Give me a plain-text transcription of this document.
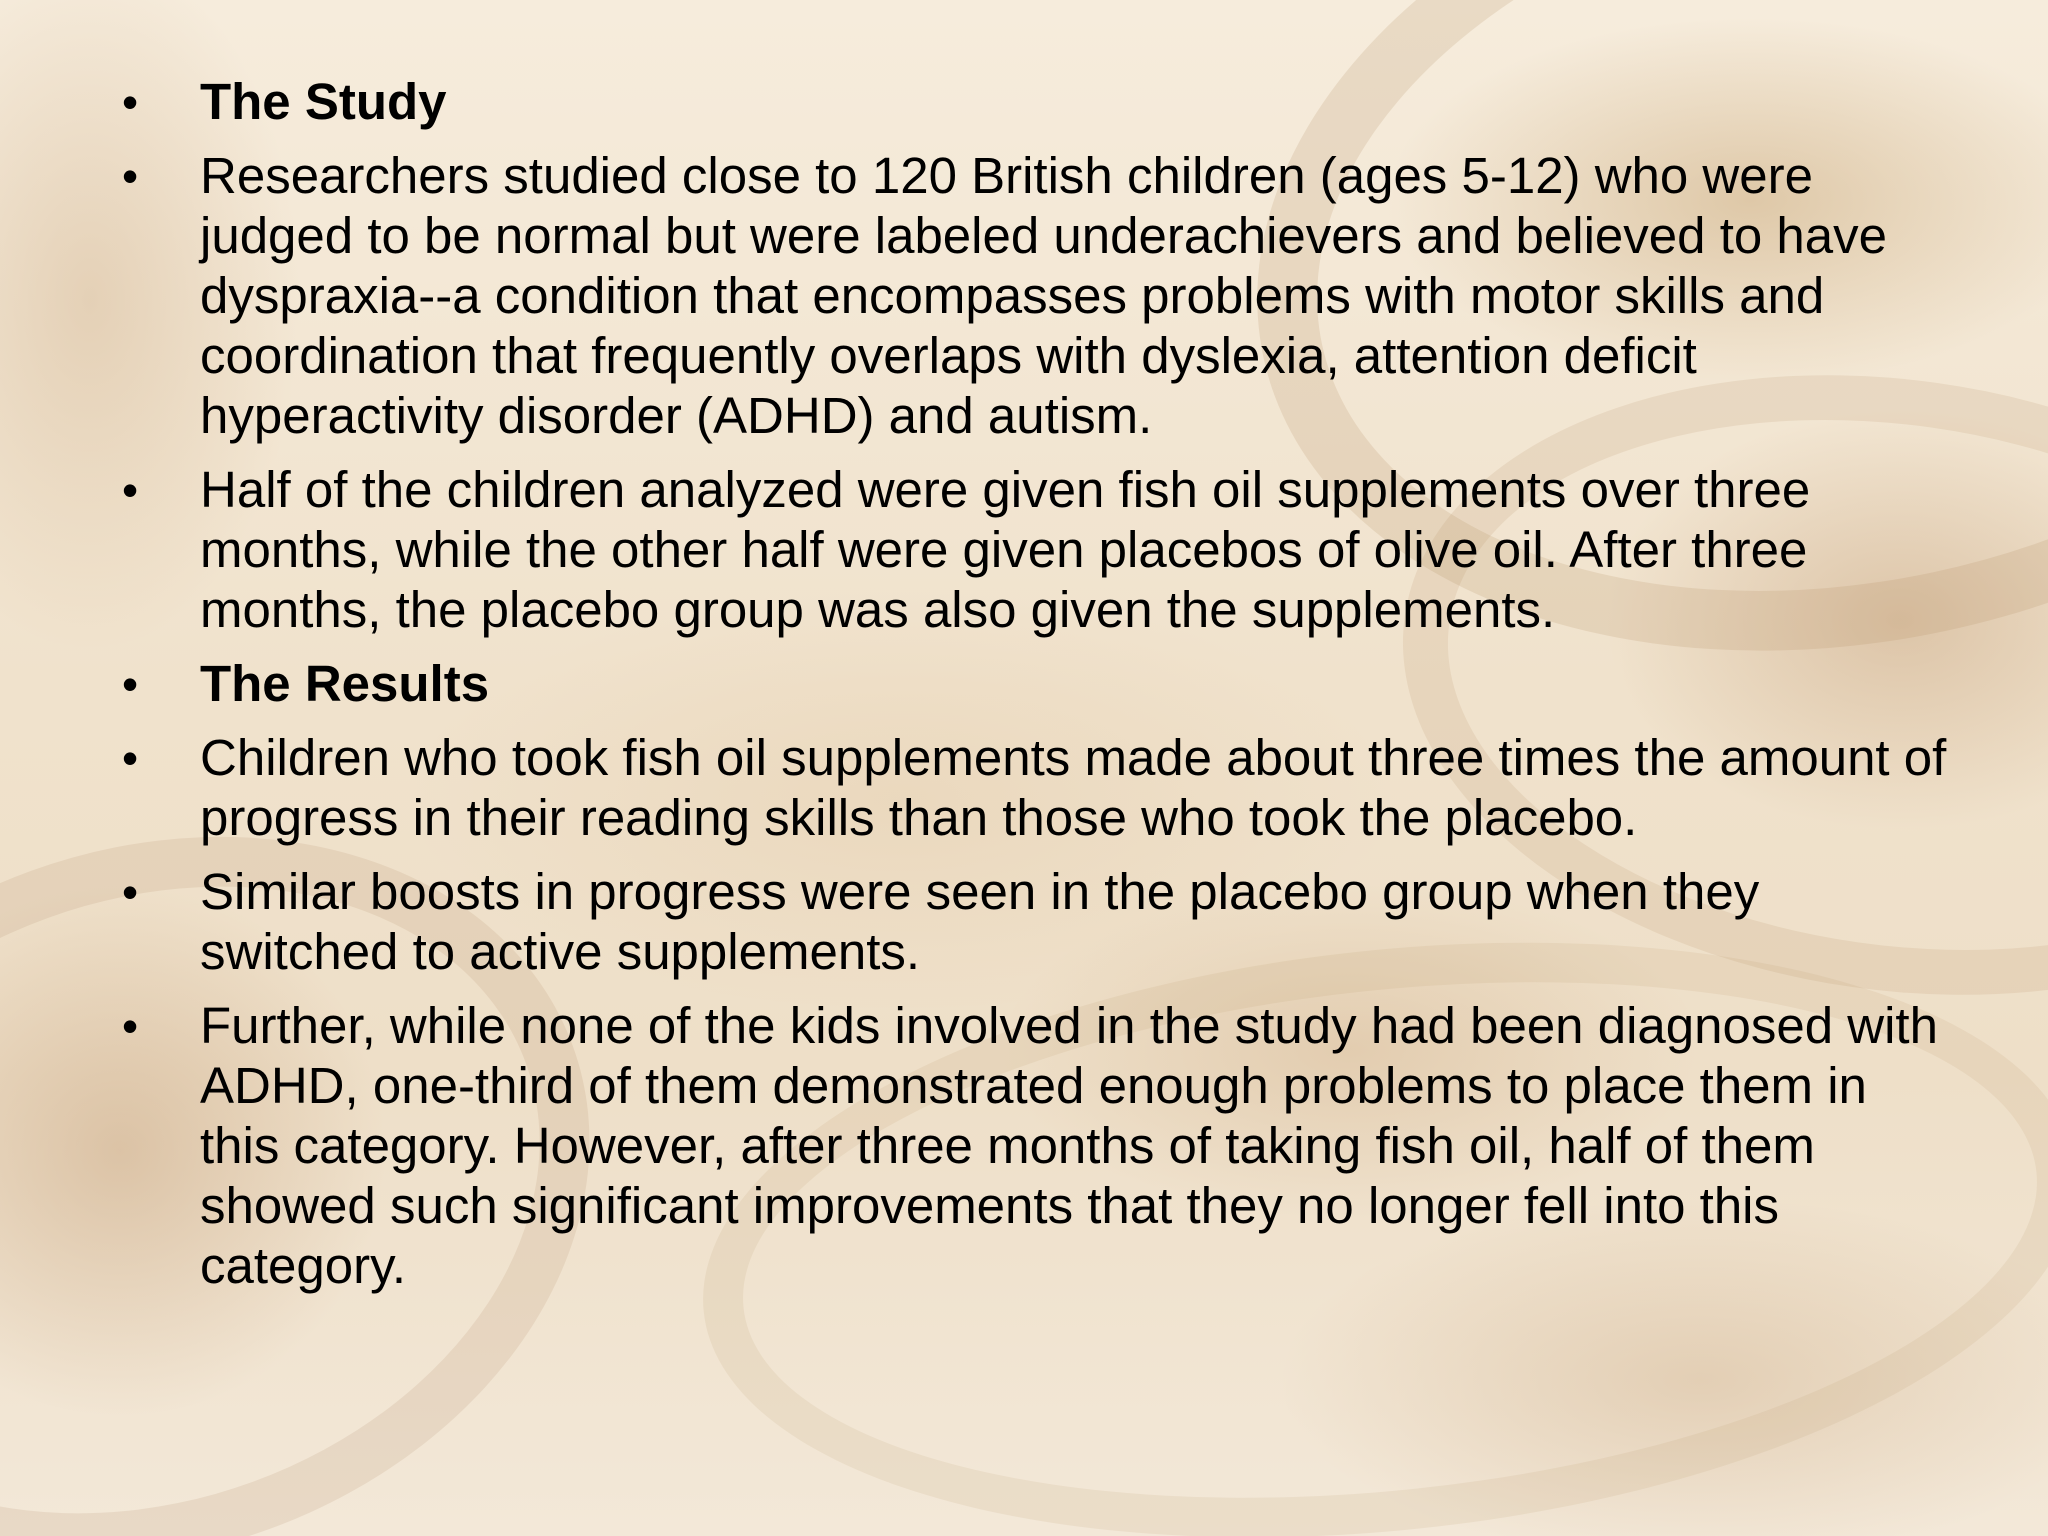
• The Study
• Researchers studied close to 120 British children (ages 5-12) who were judged to be normal but were labeled underachievers and believed to have dyspraxia--a condition that encompasses problems with motor skills and coordination that frequently overlaps with dyslexia, attention deficit hyperactivity disorder (ADHD) and autism.
• Half of the children analyzed were given fish oil supplements over three months, while the other half were given placebos of olive oil. After three months, the placebo group was also given the supplements.
• The Results
• Children who took fish oil supplements made about three times the amount of progress in their reading skills than those who took the placebo.
• Similar boosts in progress were seen in the placebo group when they switched to active supplements.
• Further, while none of the kids involved in the study had been diagnosed with ADHD, one-third of them demonstrated enough problems to place them in this category. However, after three months of taking fish oil, half of them showed such significant improvements that they no longer fell into this category.
